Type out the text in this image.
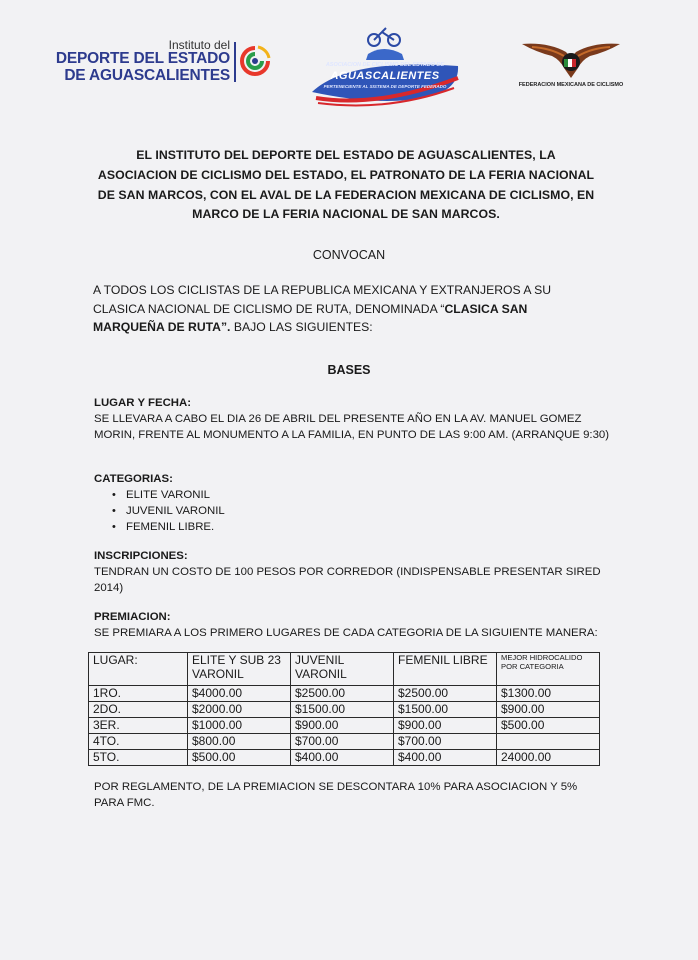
Instituto del
DEPORTE DEL ESTADO
DE AGUASCALIENTES
ASOCIACION DE CICLISMO DEL ESTADO DE
AGUASCALIENTES
PERTENECIENTE AL SISTEMA DE DEPORTE FEDERADO	FEDERACION MEXICANA DE CICLISMO
EL INSTITUTO DEL DEPORTE DEL ESTADO DE AGUASCALIENTES, LA ASOCIACION DE CICLISMO DEL ESTADO, EL PATRONATO DE LA FERIA NACIONAL DE SAN MARCOS, CON EL AVAL DE LA FEDERACION MEXICANA DE CICLISMO, EN MARCO DE LA FERIA NACIONAL DE SAN MARCOS.
CONVOCAN
A TODOS LOS CICLISTAS DE LA REPUBLICA MEXICANA Y EXTRANJEROS A SU CLASICA NACIONAL DE CICLISMO DE RUTA, DENOMINADA “CLASICA SAN MARQUEÑA DE RUTA”. BAJO LAS SIGUIENTES:
BASES
LUGAR Y FECHA:
SE LLEVARA A CABO EL DIA 26 DE ABRIL DEL PRESENTE AÑO EN LA AV. MANUEL GOMEZ MORIN, FRENTE AL MONUMENTO A LA FAMILIA, EN PUNTO DE LAS 9:00 AM. (ARRANQUE 9:30)
CATEGORIAS:
• ELITE VARONIL
• JUVENIL VARONIL
• FEMENIL LIBRE.
INSCRIPCIONES:
TENDRAN UN COSTO DE 100 PESOS POR CORREDOR (INDISPENSABLE PRESENTAR SIRED 2014)
PREMIACION:
SE PREMIARA A LOS PRIMERO LUGARES DE CADA CATEGORIA DE LA SIGUIENTE MANERA:
LUGAR:	ELITE Y SUB 23 VARONIL	JUVENIL VARONIL	FEMENIL LIBRE	MEJOR HIDROCALIDO POR CATEGORIA
1RO.	$4000.00	$2500.00	$2500.00	$1300.00
2DO.	$2000.00	$1500.00	$1500.00	$900.00
3ER.	$1000.00	$900.00	$900.00	$500.00
4TO.	$800.00	$700.00	$700.00	
5TO.	$500.00	$400.00	$400.00	24000.00
POR REGLAMENTO, DE LA PREMIACION SE DESCONTARA 10% PARA ASOCIACION Y 5% PARA FMC.
